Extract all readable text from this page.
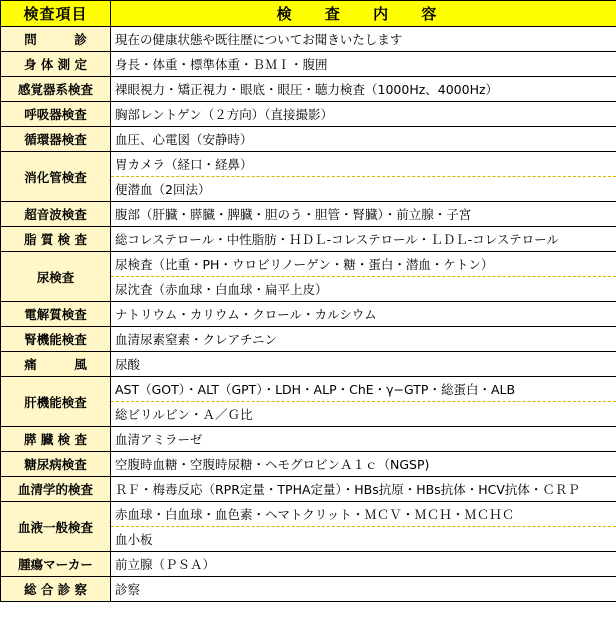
検査項目	検 査 内 容
問　　　診	現在の健康状態や既往歴についてお聞きいたします
身 体 測 定	身長・体重・標準体重・ＢＭＩ・腹囲
感覚器系検査	裸眼視力・矯正視力・眼底・眼圧・聴力検査（1000Hz、4000Hz）
呼吸器検査	胸部レントゲン（２方向）（直接撮影）
循環器検査	血圧、心電図（安静時）
消化管検査	胃カメラ（経口・経鼻）
	便潜血（2回法）
超音波検査	腹部（肝臓・膵臓・脾臓・胆のう・胆管・腎臓）・前立腺・子宮
脂 質 検 査	総コレステロール・中性脂肪・ＨＤＬ-コレステロール・ＬＤＬ-コレステロール
尿検査	尿検査（比重・PH・ウロビリノーゲン・糖・蛋白・潜血・ケトン）
	尿沈査（赤血球・白血球・扁平上皮）
電解質検査	ナトリウム・カリウム・クロール・カルシウム
腎機能検査	血清尿素窒素・クレアチニン
痛　　　風	尿酸
肝機能検査	AST（GOT）・ALT（GPT）・LDH・ALP・ChE・γ−GTP・総蛋白・ALB
	総ビリルビン・Ａ／Ｇ比
膵 臓 検 査	血清アミラーゼ
糖尿病検査	空腹時血糖・空腹時尿糖・ヘモグロビンＡ１ｃ（NGSP)
血清学的検査	ＲＦ・梅毒反応（RPR定量・TPHA定量）・HBs抗原・HBs抗体・HCV抗体・ＣＲＰ
血液一般検査	赤血球・白血球・血色素・ヘマトクリット・ＭＣＶ・ＭＣＨ・ＭＣＨＣ
	血小板
腫瘍マーカー	前立腺（ＰＳＡ）
総 合 診 察	診察
